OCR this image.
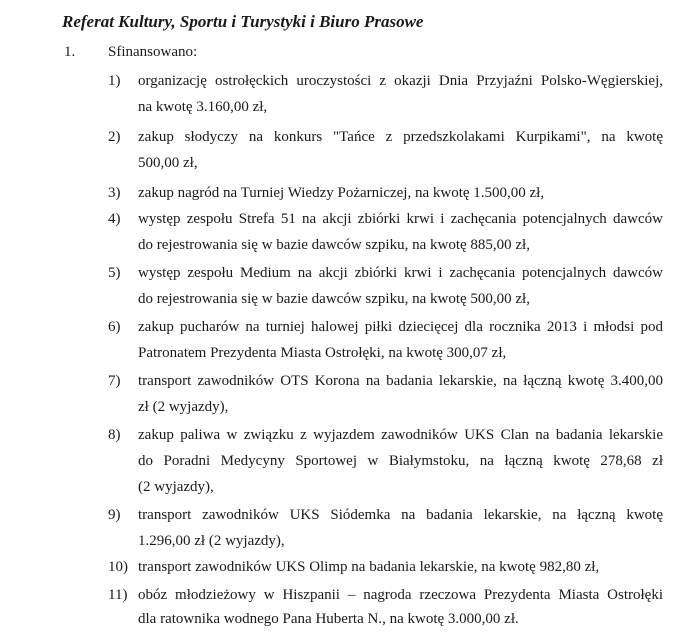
Referat Kultury, Sportu i Turystyki i Biuro Prasowe
1. Sfinansowano:
1)	organizację ostrołęckich uroczystości z okazji Dnia Przyjaźni Polsko-Węgierskiej,
na kwotę 3.160,00 zł,
2)	zakup słodyczy na konkurs "Tańce z przedszkolakami Kurpikami", na kwotę
500,00 zł,
3)	zakup nagród na Turniej Wiedzy Pożarniczej, na kwotę 1.500,00 zł,
4)	występ zespołu Strefa 51 na akcji zbiórki krwi i zachęcania potencjalnych dawców
do rejestrowania się w bazie dawców szpiku, na kwotę 885,00 zł,
5)	występ zespołu Medium na akcji zbiórki krwi i zachęcania potencjalnych dawców
do rejestrowania się w bazie dawców szpiku, na kwotę 500,00 zł,
6)	zakup pucharów na turniej halowej piłki dziecięcej dla rocznika 2013 i młodsi pod
Patronatem Prezydenta Miasta Ostrołęki, na kwotę 300,07 zł,
7)	transport zawodników OTS Korona na badania lekarskie, na łączną kwotę 3.400,00
zł (2 wyjazdy),
8)	zakup paliwa w związku z wyjazdem zawodników UKS Clan na badania lekarskie
do Poradni Medycyny Sportowej w Białymstoku, na łączną kwotę 278,68 zł
(2 wyjazdy),
9)	transport zawodników UKS Siódemka na badania lekarskie, na łączną kwotę
1.296,00 zł (2 wyjazdy),
10) transport zawodników UKS Olimp na badania lekarskie, na kwotę 982,80 zł,
11) obóz młodzieżowy w Hiszpanii – nagroda rzeczowa Prezydenta Miasta Ostrołęki
dla ratownika wodnego Pana Huberta N., na kwotę 3.000,00 zł.
